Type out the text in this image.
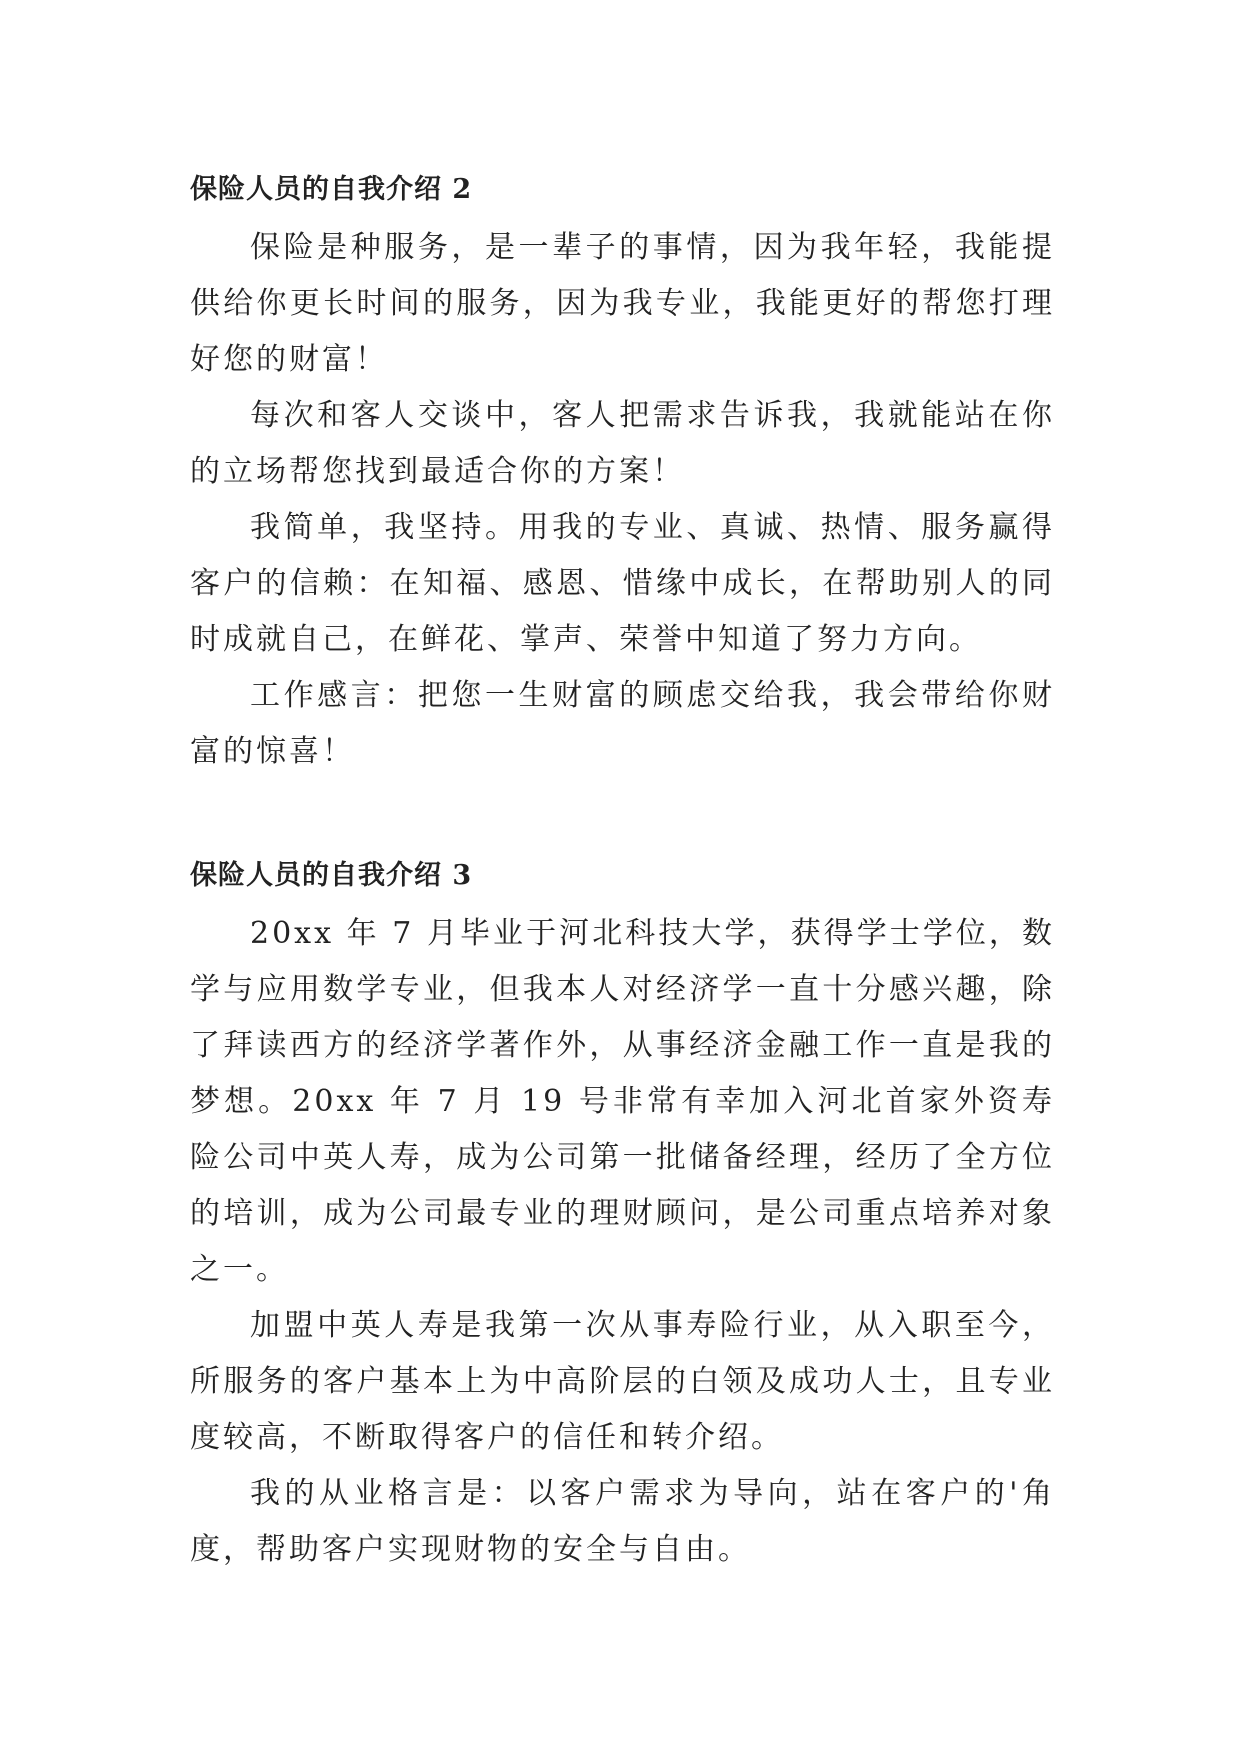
保险人员的自我介绍 2

保险是种服务，是一辈子的事情，因为我年轻，我能提供给你更长时间的服务，因为我专业，我能更好的帮您打理好您的财富！

每次和客人交谈中，客人把需求告诉我，我就能站在你的立场帮您找到最适合你的方案！

我简单，我坚持。用我的专业、真诚、热情、服务赢得客户的信赖：在知福、感恩、惜缘中成长，在帮助别人的同时成就自己，在鲜花、掌声、荣誉中知道了努力方向。

工作感言：把您一生财富的顾虑交给我，我会带给你财富的惊喜！

保险人员的自我介绍 3

20xx 年 7 月毕业于河北科技大学，获得学士学位，数学与应用数学专业，但我本人对经济学一直十分感兴趣，除了拜读西方的经济学著作外，从事经济金融工作一直是我的梦想。20xx 年 7 月 19 号非常有幸加入河北首家外资寿险公司中英人寿，成为公司第一批储备经理，经历了全方位的培训，成为公司最专业的理财顾问，是公司重点培养对象之一。

加盟中英人寿是我第一次从事寿险行业，从入职至今，所服务的客户基本上为中高阶层的白领及成功人士，且专业度较高，不断取得客户的信任和转介绍。

我的从业格言是：以客户需求为导向，站在客户的'角度，帮助客户实现财物的安全与自由。
